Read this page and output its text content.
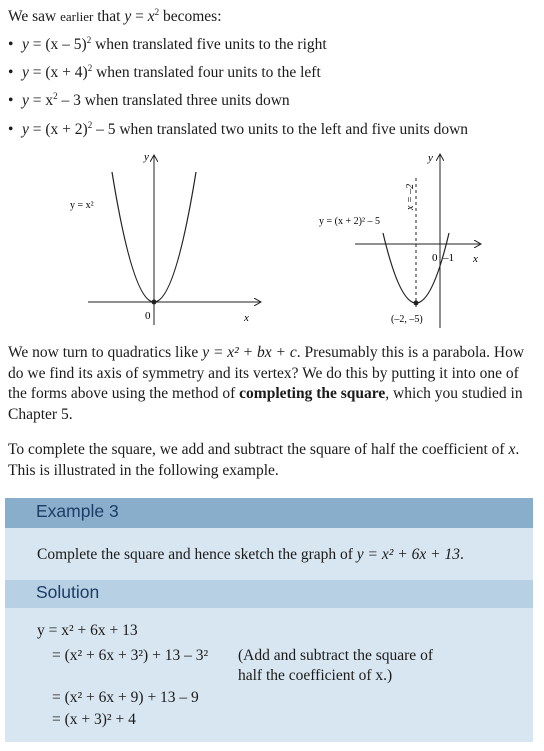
We saw earlier that $y = x^2$ becomes:
• y = (x – 5)$^2$ when translated five units to the right
• $y = (x + 4)^2$ when translated four units to the left
• $y = x^2 - 3$ when translated three units down
• $y = (x + 2)^2 - 5$ when translated two units to the left and five units down
y
x
0
y = x²
y
x
0 –1
x = –2
y = (x + 2)² – 5
(–2, –5)
We now turn to quadratics like y = x² + bx + c. Presumably this is a parabola. How do we find its axis of symmetry and its vertex? We do this by putting it into one of the forms above using the method of completing the square, which you studied in Chapter 5.
To complete the square, we add and subtract the square of half the coefficient of x. This is illustrated in the following example.
Example 3
Complete the square and hence sketch the graph of y = x² + 6x + 13.
Solution
y = x² + 6x + 13
= (x² + 6x + 3²) + 13 – 3² (Add and subtract the square of
half the coefficient of x.)
= (x² + 6x + 9) + 13 – 9
= (x + 3)² + 4
